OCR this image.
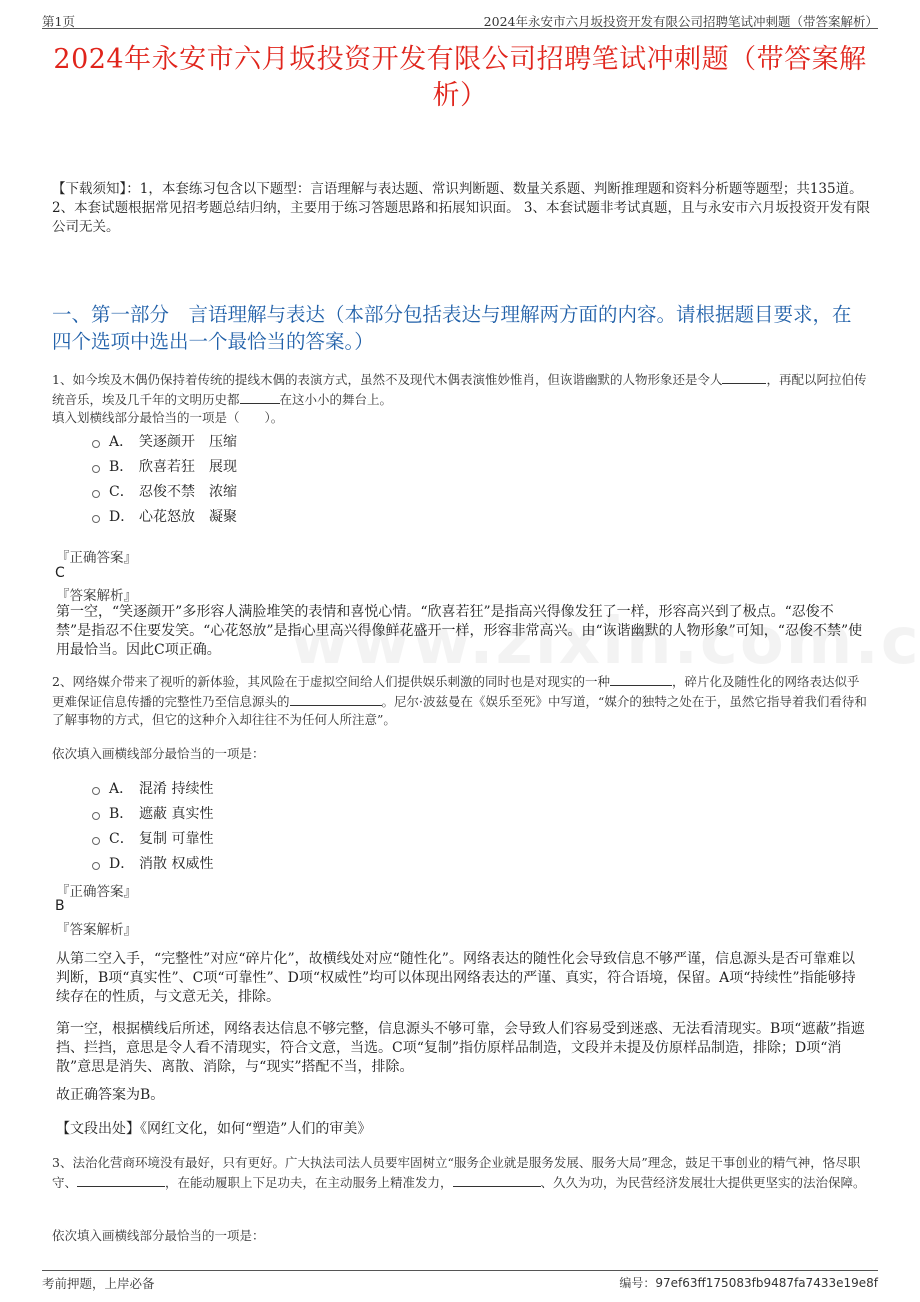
第1页	2024年永安市六月坂投资开发有限公司招聘笔试冲刺题（带答案解析）
2024年永安市六月坂投资开发有限公司招聘笔试冲刺题（带答案解析）
【下载须知】：1，本套练习包含以下题型：言语理解与表达题、常识判断题、数量关系题、判断推理题和资料分析题等题型；共135道。 2、本套试题根据常见招考题总结归纳，主要用于练习答题思路和拓展知识面。 3、本套试题非考试真题，且与永安市六月坂投资开发有限公司无关。
一、第一部分　言语理解与表达（本部分包括表达与理解两方面的内容。请根据题目要求，在四个选项中选出一个最恰当的答案。）
1、如今埃及木偶仍保持着传统的提线木偶的表演方式，虽然不及现代木偶表演惟妙惟肖，但诙谐幽默的人物形象还是令人	，再配以阿拉伯传统音乐，埃及几千年的文明历史都	在这小小的舞台上。
填入划横线部分最恰当的一项是（　　）。
A． 笑逐颜开　压缩
B． 欣喜若狂　展现
C． 忍俊不禁　浓缩
D． 心花怒放　凝聚
『正确答案』
C
『答案解析』
第一空，“笑逐颜开”多形容人满脸堆笑的表情和喜悦心情。“欣喜若狂”是指高兴得像发狂了一样，形容高兴到了极点。“忍俊不禁”是指忍不住要发笑。“心花怒放”是指心里高兴得像鲜花盛开一样，形容非常高兴。由“诙谐幽默的人物形象”可知，“忍俊不禁”使用最恰当。因此C项正确。
2、网络媒介带来了视听的新体验，其风险在于虚拟空间给人们提供娱乐刺激的同时也是对现实的一种	，碎片化及随性化的网络表达似乎更难保证信息传播的完整性乃至信息源头的	。尼尔·波兹曼在《娱乐至死》中写道，“媒介的独特之处在于，虽然它指导着我们看待和了解事物的方式，但它的这种介入却往往不为任何人所注意”。
依次填入画横线部分最恰当的一项是：
A． 混淆 持续性
B． 遮蔽 真实性
C． 复制 可靠性
D． 消散 权威性
『正确答案』
B
『答案解析』
从第二空入手，“完整性”对应“碎片化”，故横线处对应“随性化”。网络表达的随性化会导致信息不够严谨，信息源头是否可靠难以判断，B项“真实性”、C项“可靠性”、D项“权威性”均可以体现出网络表达的严谨、真实，符合语境，保留。A项“持续性”指能够持续存在的性质，与文意无关，排除。
第一空，根据横线后所述，网络表达信息不够完整，信息源头不够可靠，会导致人们容易受到迷惑、无法看清现实。B项“遮蔽”指遮挡、拦挡，意思是令人看不清现实，符合文意，当选。C项“复制”指仿原样品制造，文段并未提及仿原样品制造，排除；D项“消散”意思是消失、离散、消除，与“现实”搭配不当，排除。
故正确答案为B。
【文段出处】《网红文化，如何“塑造”人们的审美》
3、法治化营商环境没有最好，只有更好。广大执法司法人员要牢固树立“服务企业就是服务发展、服务大局”理念，鼓足干事创业的精气神，恪尽职守、	，在能动履职上下足功夫，在主动服务上精准发力，	、久久为功，为民营经济发展壮大提供更坚实的法治保障。
依次填入画横线部分最恰当的一项是：
考前押题，上岸必备	编号：97ef63ff175083fb9487fa7433e19e8f
